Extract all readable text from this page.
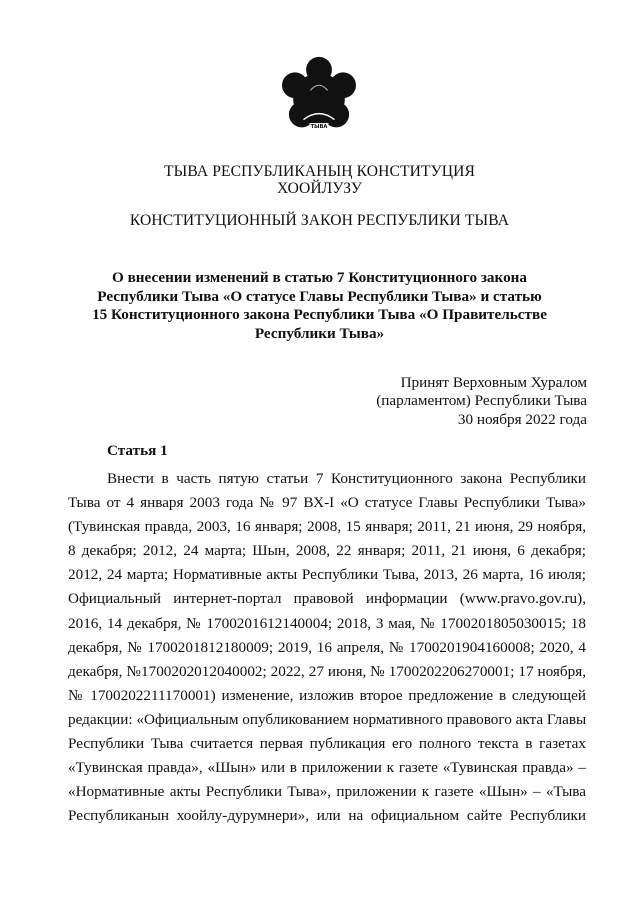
ТЫВА
ТЫВА РЕСПУБЛИКАНЫҢ КОНСТИТУЦИЯ
ХООЙЛУЗУ
КОНСТИТУЦИОННЫЙ ЗАКОН РЕСПУБЛИКИ ТЫВА
О внесении изменений в статью 7 Конституционного закона
Республики Тыва «О статусе Главы Республики Тыва» и статью
15 Конституционного закона Республики Тыва «О Правительстве
Республики Тыва»
Принят Верховным Хуралом
(парламентом) Республики Тыва
30 ноября 2022 года
Статья 1
Внести в часть пятую статьи 7 Конституционного закона Республики
Тыва от 4 января 2003 года № 97 ВХ-I «О статусе Главы Республики Тыва»
(Тувинская правда, 2003, 16 января; 2008, 15 января; 2011, 21 июня, 29 ноября,
8 декабря; 2012, 24 марта; Шын, 2008, 22 января; 2011, 21 июня, 6 декабря;
2012, 24 марта; Нормативные акты Республики Тыва, 2013, 26 марта, 16 июля;
Официальный интернет-портал правовой информации (www.pravo.gov.ru),
2016, 14 декабря, № 1700201612140004; 2018, 3 мая, № 1700201805030015; 18
декабря, № 1700201812180009; 2019, 16 апреля, № 1700201904160008; 2020, 4
декабря, №1700202012040002; 2022, 27 июня, № 1700202206270001; 17 ноября,
№ 1700202211170001) изменение, изложив второе предложение в следующей
редакции: «Официальным опубликованием нормативного правового акта Главы
Республики Тыва считается первая публикация его полного текста в газетах
«Тувинская правда», «Шын» или в приложении к газете «Тувинская правда» –
«Нормативные акты Республики Тыва», приложении к газете «Шын» – «Тыва
Республиканын хоойлу-дурумнери», или на официальном сайте Республики
